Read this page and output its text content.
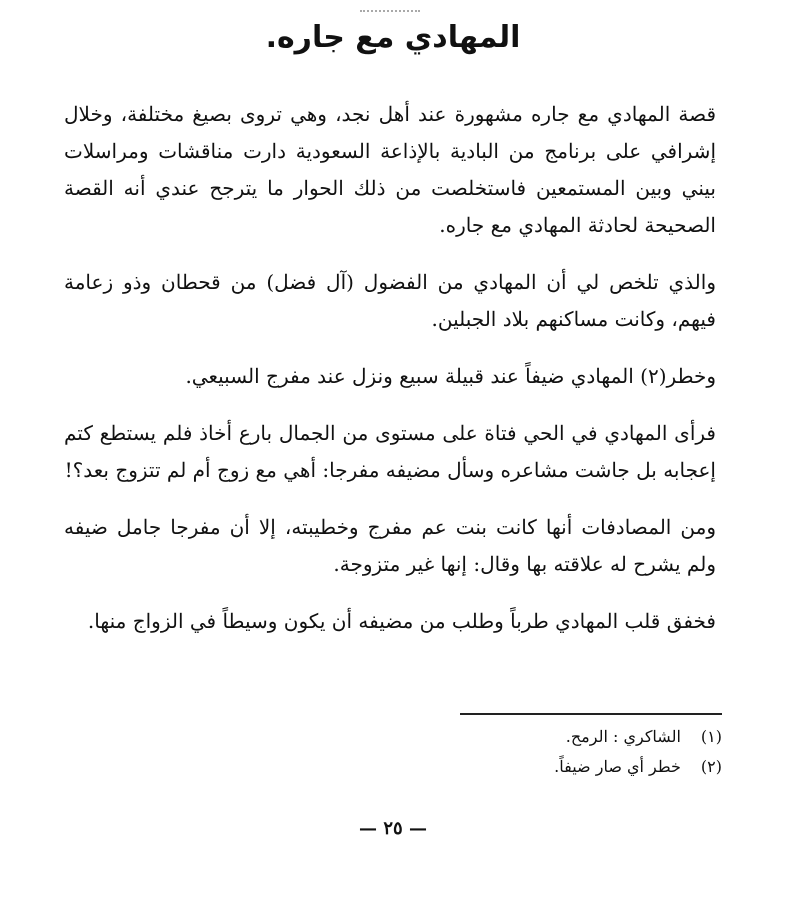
المهادي مع جاره.

قصة المهادي مع جاره مشهورة عند أهل نجد، وهي تروى بصيغ مختلفة، وخلال إشرافي على برنامج من البادية بالإذاعة السعودية دارت مناقشات ومراسلات بيني وبين المستمعين فاستخلصت من ذلك الحوار ما يترجح عندي أنه القصة الصحيحة لحادثة المهادي مع جاره.

والذي تلخص لي أن المهادي من الفضول (آل فضل) من قحطان وذو زعامة فيهم، وكانت مساكنهم بلاد الجبلين.

وخطر(٢) المهادي ضيفاً عند قبيلة سبيع ونزل عند مفرج السبيعي.

فرأى المهادي في الحي فتاة على مستوى من الجمال بارع أخاذ فلم يستطع كتم إعجابه بل جاشت مشاعره وسأل مضيفه مفرجا: أهي مع زوج أم لم تتزوج بعد؟!

ومن المصادفات أنها كانت بنت عم مفرج وخطيبته، إلا أن مفرجا جامل ضيفه ولم يشرح له علاقته بها وقال: إنها غير متزوجة.

فخفق قلب المهادي طرباً وطلب من مضيفه أن يكون وسيطاً في الزواج منها.

(١) الشاكري : الرمح.
(٢) خطر أي صار ضيفاً.
— ٢٥ —
